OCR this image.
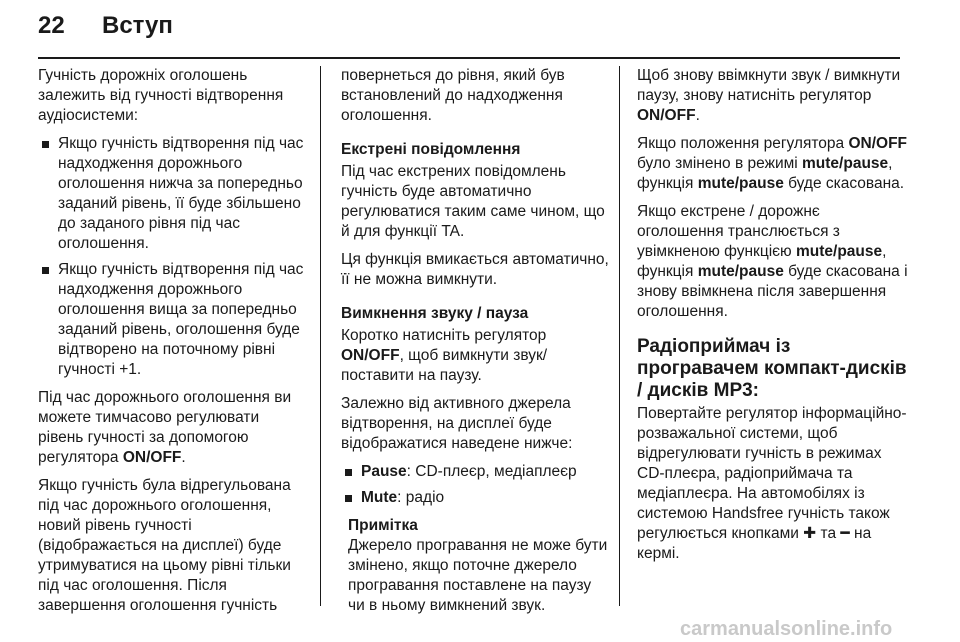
22 Вступ

Гучність дорожніх оголошень залежить від гучності відтворення аудіосистеми:

Якщо гучність відтворення під час надходження дорожнього оголошення нижча за попередньо заданий рівень, її буде збільшено до заданого рівня під час оголошення.
Якщо гучність відтворення під час надходження дорожнього оголошення вища за попередньо заданий рівень, оголошення буде відтворено на поточному рівні гучності +1.

Під час дорожнього оголошення ви можете тимчасово регулювати рівень гучності за допомогою регулятора ON/OFF.

Якщо гучність була відрегульована під час дорожнього оголошення, новий рівень гучності (відображається на дисплеї) буде утримуватися на цьому рівні тільки під час оголошення. Після завершення оголошення гучність

повернеться до рівня, який був встановлений до надходження оголошення.

Екстрені повідомлення

Під час екстрених повідомлень гучність буде автоматично регулюватися таким саме чином, що й для функції TA.

Ця функція вмикається автоматично, її не можна вимкнути.

Вимкнення звуку / пауза

Коротко натисніть регулятор ON/OFF, щоб вимкнути звук/поставити на паузу.

Залежно від активного джерела відтворення, на дисплеї буде відображатися наведене нижче:

Pause: CD-плеєр, медіаплеєр
Mute: радіо

Примітка

Джерело програвання не може бути змінено, якщо поточне джерело програвання поставлене на паузу чи в ньому вимкнений звук.

Щоб знову ввімкнути звук / вимкнути паузу, знову натисніть регулятор ON/OFF.

Якщо положення регулятора ON/OFF було змінено в режимі mute/pause, функція mute/pause буде скасована.

Якщо екстрене / дорожнє оголошення транслюється з увімкненою функцією mute/pause, функція mute/pause буде скасована і знову ввімкнена після завершення оголошення.

Радіоприймач із програвачем компакт-дисків / дисків MP3:

Повертайте регулятор інформаційно-розважальної системи, щоб відрегулювати гучність в режимах CD-плеєра, радіоприймача та медіаплеєра. На автомобілях із системою Handsfree гучність також регулюється кнопками ✚ та ━ на кермі.

carmanualsonline.info
